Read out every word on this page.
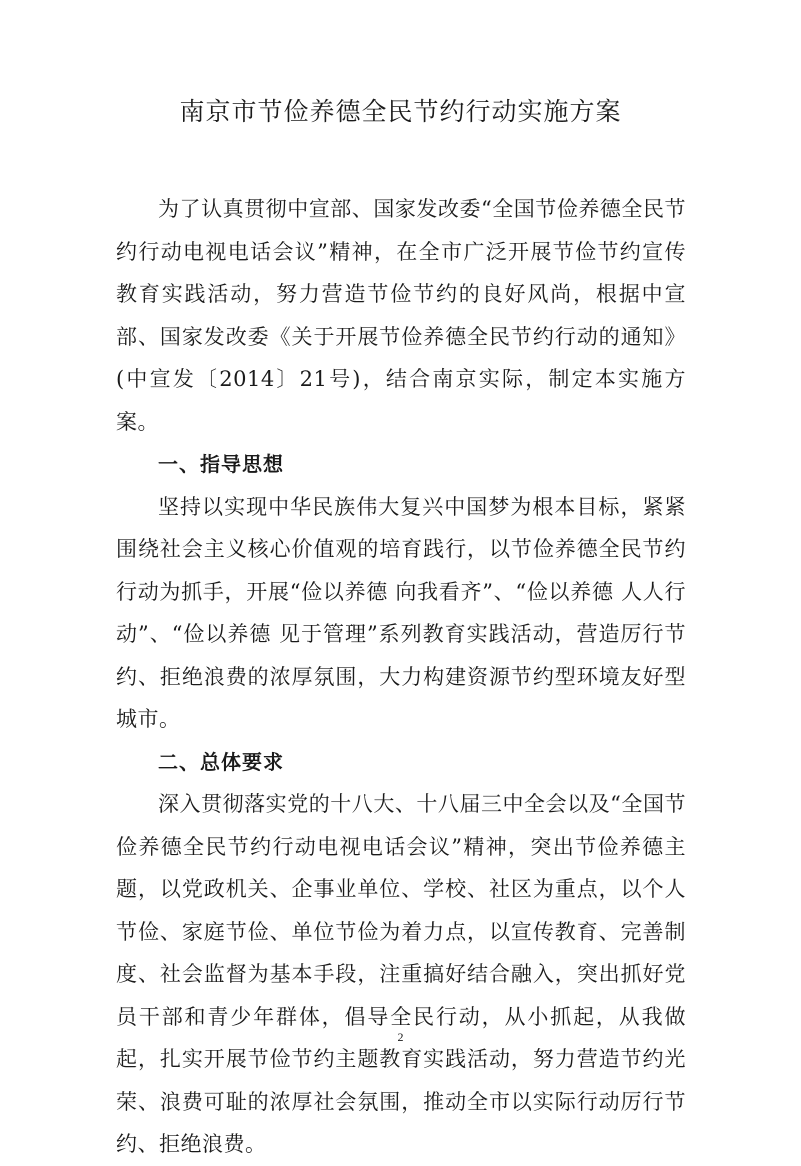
南京市节俭养德全民节约行动实施方案

为了认真贯彻中宣部、国家发改委“全国节俭养德全民节约行动电视电话会议”精神，在全市广泛开展节俭节约宣传教育实践活动，努力营造节俭节约的良好风尚，根据中宣部、国家发改委《关于开展节俭养德全民节约行动的通知》(中宣发〔2014〕21号)，结合南京实际，制定本实施方案。

一、指导思想

坚持以实现中华民族伟大复兴中国梦为根本目标，紧紧围绕社会主义核心价值观的培育践行，以节俭养德全民节约行动为抓手，开展“俭以养德 向我看齐”、“俭以养德 人人行动”、“俭以养德 见于管理”系列教育实践活动，营造厉行节约、拒绝浪费的浓厚氛围，大力构建资源节约型环境友好型城市。

二、总体要求

深入贯彻落实党的十八大、十八届三中全会以及“全国节俭养德全民节约行动电视电话会议”精神，突出节俭养德主题，以党政机关、企事业单位、学校、社区为重点，以个人节俭、家庭节俭、单位节俭为着力点，以宣传教育、完善制度、社会监督为基本手段，注重搞好结合融入，突出抓好党员干部和青少年群体，倡导全民行动，从小抓起，从我做起，扎实开展节俭节约主题教育实践活动，努力营造节约光荣、浪费可耻的浓厚社会氛围，推动全市以实际行动厉行节约、拒绝浪费。

2
